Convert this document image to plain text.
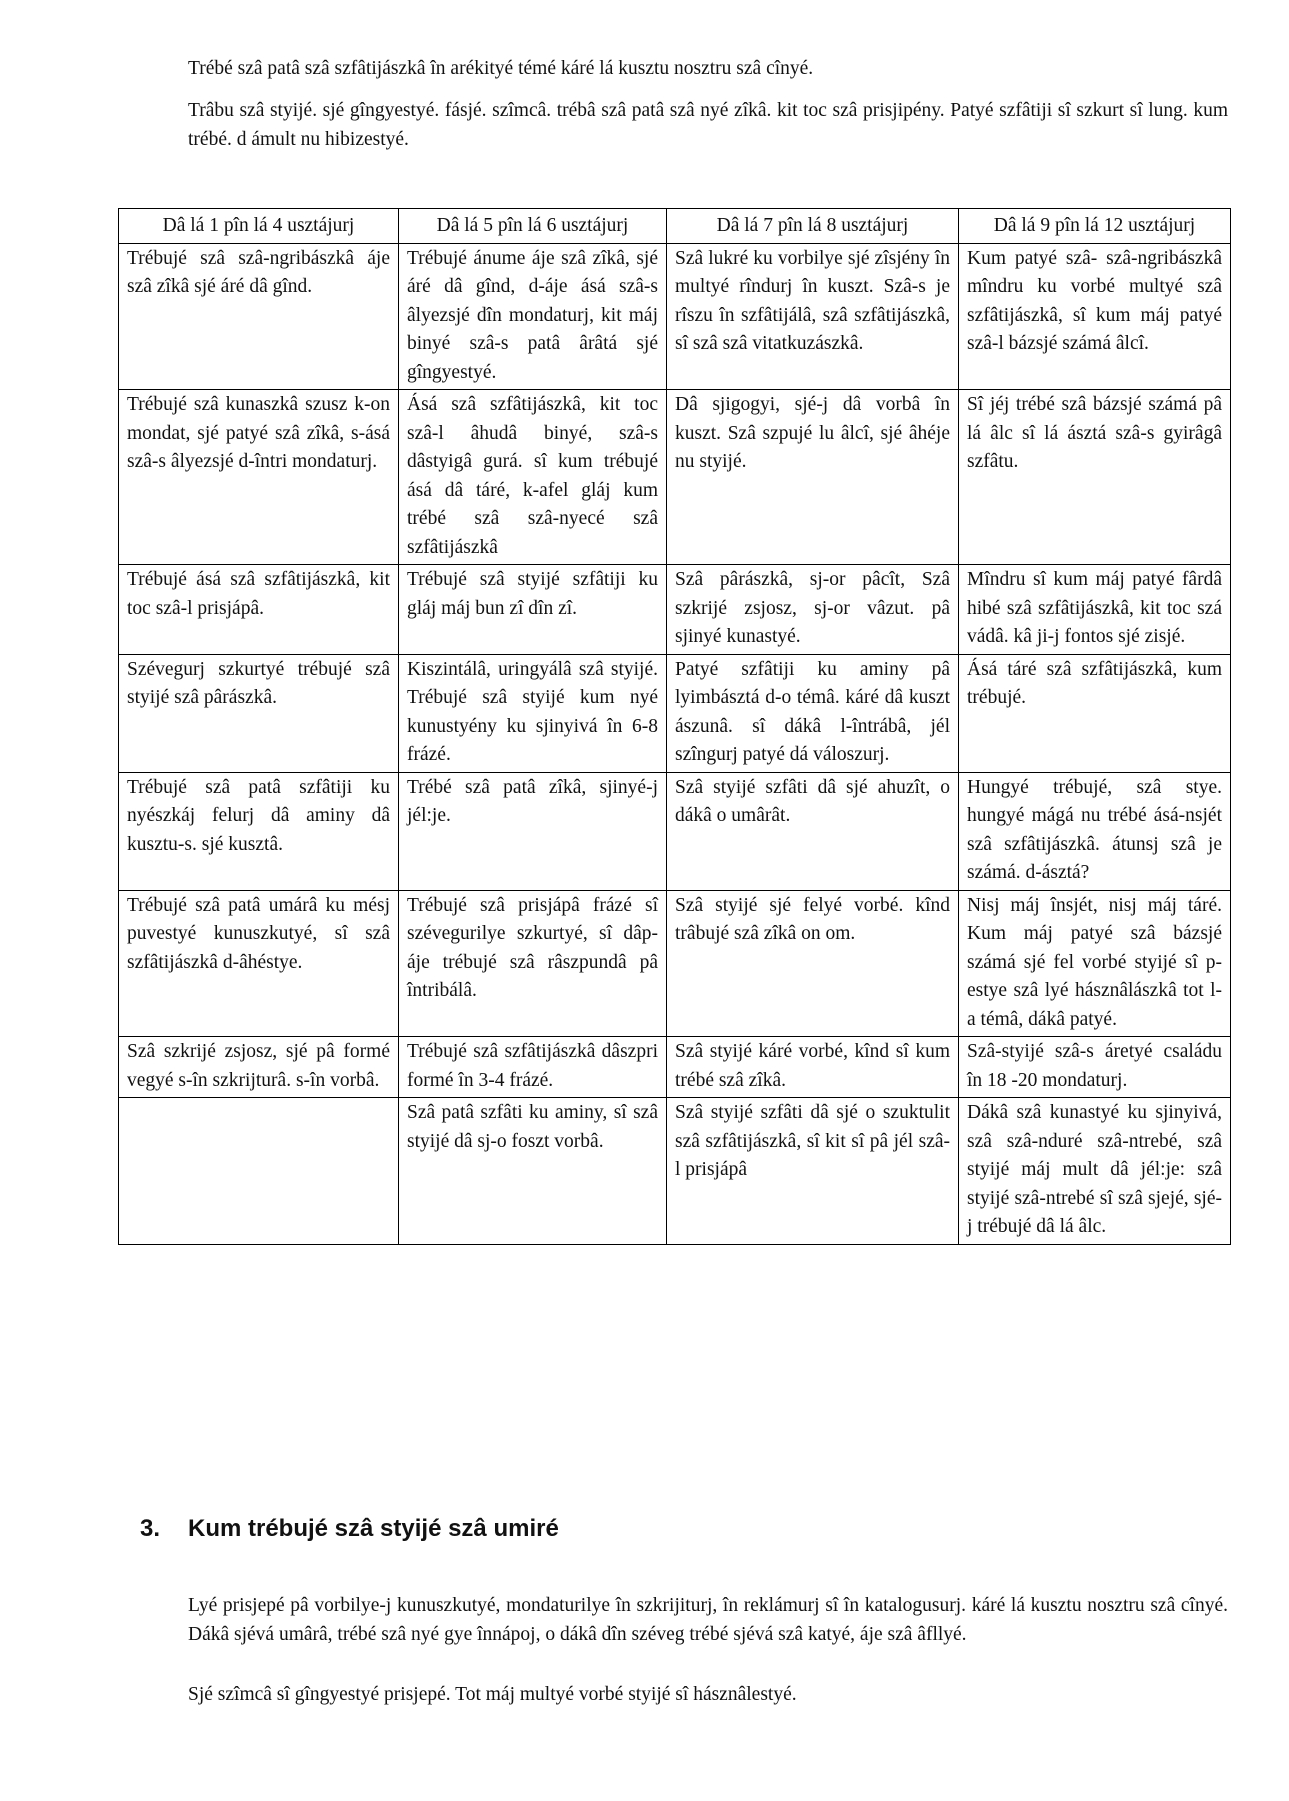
Trébé szâ patâ szâ szfâtijászkâ în arékityé témé káré lá kusztu nosztru szâ cînyé.

Trâbu szâ styijé. sjé gîngyestyé. fásjé. szîmcâ. trébâ szâ patâ szâ nyé zîkâ. kit toc szâ prisjipény. Patyé szfâtiji sî szkurt sî lung. kum trébé. d ámult nu hibizestyé.

Dâ lá 1 pîn lá 4 usztájurj	Dâ lá 5 pîn lá 6 usztájurj	Dâ lá 7 pîn lá 8 usztájurj	Dâ lá 9 pîn lá 12 usztájurj
Trébujé szâ szâ-ngribászkâ áje szâ zîkâ sjé áré dâ gînd.	Trébujé ánume áje szâ zîkâ, sjé áré dâ gînd, d-áje ásá szâ-s âlyezsjé dîn mondaturj, kit máj binyé szâ-s patâ ârâtá sjé gîngyestyé.	Szâ lukré ku vorbilye sjé zîsjény în multyé rîndurj în kuszt. Szâ-s je rîszu în szfâtijálâ, szâ szfâtijászkâ, sî szâ szâ vitatkuzászkâ.	Kum patyé szâ- szâ-ngribászkâ mîndru ku vorbé multyé szâ szfâtijászkâ, sî kum máj patyé szâ-l bázsjé számá âlcî.
Trébujé szâ kunaszkâ szusz k-on mondat, sjé patyé szâ zîkâ, s-ásá szâ-s âlyezsjé d-întri mondaturj.	Ásá szâ szfâtijászkâ, kit toc szâ-l âhudâ binyé, szâ-s dâstyigâ gurá. sî kum trébujé ásá dâ táré, k-afel gláj kum trébé szâ szâ-nyecé szâ szfâtijászkâ	Dâ sjigogyi, sjé-j dâ vorbâ în kuszt. Szâ szpujé lu âlcî, sjé âhéje nu styijé.	Sî jéj trébé szâ bázsjé számá pâ lá âlc sî lá ásztá szâ-s gyirâgâ szfâtu.
Trébujé ásá szâ szfâtijászkâ, kit toc szâ-l prisjápâ.	Trébujé szâ styijé szfâtiji ku gláj máj bun zî dîn zî.	Szâ pârászkâ, sj-or pâcît, Szâ szkrijé zsjosz, sj-or vâzut. pâ sjinyé kunastyé.	Mîndru sî kum máj patyé fârdâ hibé szâ szfâtijászkâ, kit toc szá vádâ. kâ ji-j fontos sjé zisjé.
Szévegurj szkurtyé trébujé szâ styijé szâ pârászkâ.	Kiszintálâ, uringyálâ szâ styijé. Trébujé szâ styijé kum nyé kunustyény ku sjinyivá în 6-8 frázé.	Patyé szfâtiji ku aminy pâ lyimbásztá d-o témâ. káré dâ kuszt ászunâ. sî dákâ l-întrábâ, jél szîngurj patyé dá váloszurj.	Ásá táré szâ szfâtijászkâ, kum trébujé.
Trébujé szâ patâ szfâtiji ku nyészkáj felurj dâ aminy dâ kusztu-s. sjé kusztâ.	Trébé szâ patâ zîkâ, sjinyé-j jél:je.	Szâ styijé szfâti dâ sjé ahuzît, o dákâ o umârât.	Hungyé trébujé, szâ stye. hungyé mágá nu trébé ásá-nsjét szâ szfâtijászkâ. átunsj szâ je számá. d-ásztá?
Trébujé szâ patâ umárâ ku mésj puvestyé kunuszkutyé, sî szâ szfâtijászkâ d-âhéstye.	Trébujé szâ prisjápâ frázé sî szévegurilye szkurtyé, sî dâp-áje trébujé szâ râszpundâ pâ întribálâ.	Szâ styijé sjé felyé vorbé. kînd trâbujé szâ zîkâ on om.	Nisj máj însjét, nisj máj táré. Kum máj patyé szâ bázsjé számá sjé fel vorbé styijé sî p-estye szâ lyé hásznâlászkâ tot l-a témâ, dákâ patyé.
Szâ szkrijé zsjosz, sjé pâ formé vegyé s-în szkrijturâ. s-în vorbâ.	Trébujé szâ szfâtijászkâ dâszpri formé în 3-4 frázé.	Szâ styijé káré vorbé, kînd sî kum trébé szâ zîkâ.	Szâ-styijé szâ-s áretyé családu în 18 -20 mondaturj.
	Szâ patâ szfâti ku aminy, sî szâ styijé dâ sj-o foszt vorbâ.	Szâ styijé szfâti dâ sjé o szuktulit szâ szfâtijászkâ, sî kit sî pâ jél szâ-l prisjápâ	Dákâ szâ kunastyé ku sjinyivá, szâ szâ-nduré szâ-ntrebé, szâ styijé máj mult dâ jél:je: szâ styijé szâ-ntrebé sî szâ sjejé, sjé-j trébujé dâ lá âlc.
3. Kum trébujé szâ styijé szâ umiré

Lyé prisjepé pâ vorbilye-j kunuszkutyé, mondaturilye în szkrijiturj, în reklámurj sî în katalogusurj. káré lá kusztu nosztru szâ cînyé. Dákâ sjévá umârâ, trébé szâ nyé gye înnápoj, o dákâ dîn széveg trébé sjévá szâ katyé, áje szâ âfllyé.

Sjé szîmcâ sî gîngyestyé prisjepé. Tot máj multyé vorbé styijé sî hásznâlestyé.
